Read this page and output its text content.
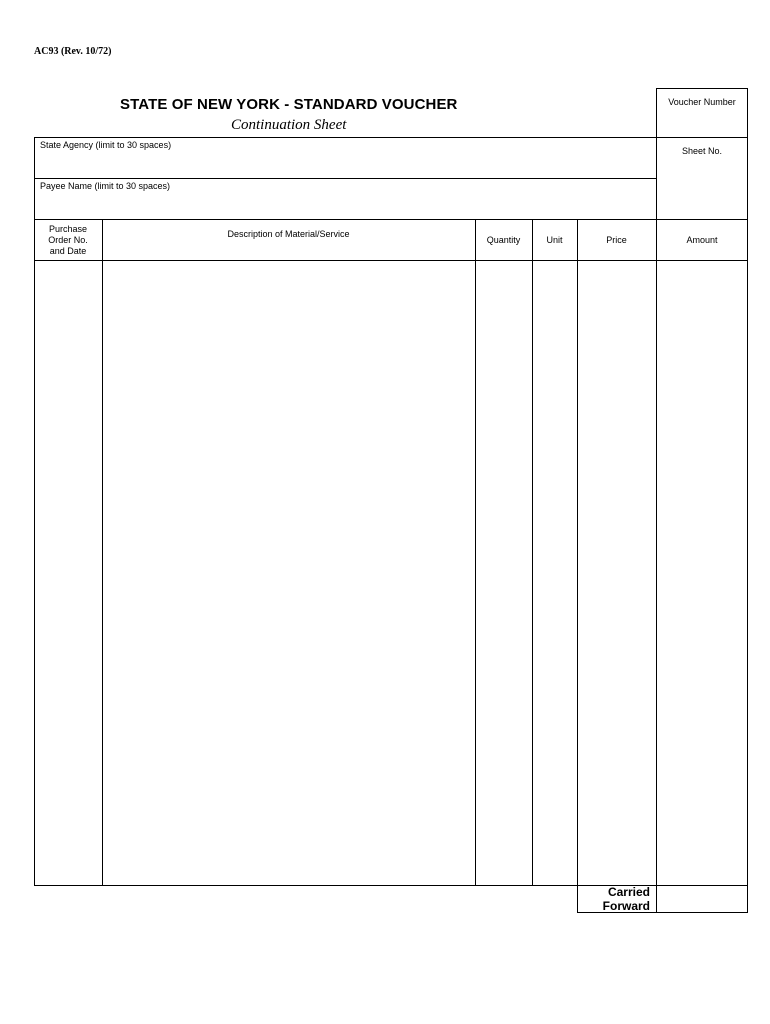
AC93 (Rev. 10/72)
STATE OF NEW YORK - STANDARD VOUCHER
Continuation Sheet
Voucher Number
Sheet No.
State Agency (limit to 30 spaces)
Payee Name (limit to 30 spaces)
Purchase
Order No.
and Date
Description of Material/Service
Quantity	Unit	Price	Amount
Carried
Forward
